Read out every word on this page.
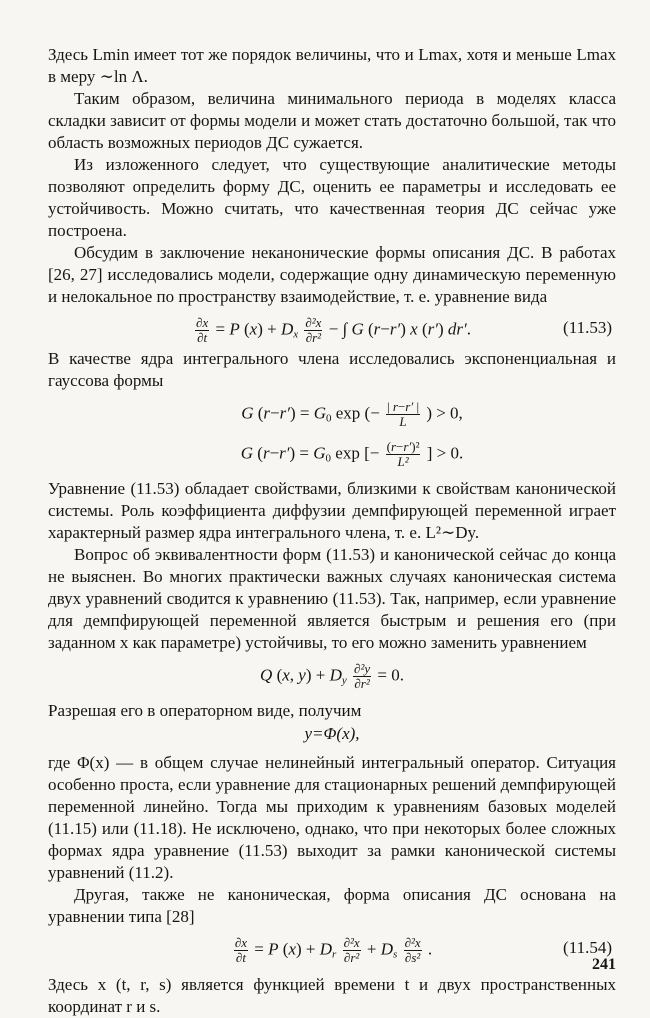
Здесь Lmin имеет тот же порядок величины, что и Lmax, хотя и меньше Lmax в меру ∼ln Λ.

Таким образом, величина минимального периода в моделях класса складки зависит от формы модели и может стать достаточно большой, так что область возможных периодов ДС сужается.

Из изложенного следует, что существующие аналитические методы позволяют определить форму ДС, оценить ее параметры и исследовать ее устойчивость. Можно считать, что качественная теория ДС сейчас уже построена.

Обсудим в заключение неканонические формы описания ДС. В работах [26, 27] исследовались модели, содержащие одну динамическую переменную и нелокальное по пространству взаимодействие, т. е. уравнение вида

$\frac{\partial x}{\partial t} = P$ $(x) + D_x \frac{\text{∂²x}}{\text{∂r²}}$ − ∫ G (r−r′) x (r′) dr′.	(11.53)

В качестве ядра интегрального члена исследовались экспоненциальная и гауссова формы

G $(r-r') = G_0$ exp (− $\frac{| r-r' |}{L}$ ) > 0,
G $(r-r') = G_0$ exp [− $\frac{\text{(r−r′)²}}{\text{L²}}$ ] > 0.

Уравнение (11.53) обладает свойствами, близкими к свойствам канонической системы. Роль коэффициента диффузии демпфирующей переменной играет характерный размер ядра интегрального члена, т. е. L²∼Dy.

Вопрос об эквивалентности форм (11.53) и канонической сейчас до конца не выяснен. Во многих практически важных случаях каноническая система двух уравнений сводится к уравнению (11.53). Так, например, если уравнение для демпфирующей переменной является быстрым и решения его (при заданном x как параметре) устойчивы, то его можно заменить уравнением

Q (x, $y) + D_y \frac{\text{∂²y}}{\text{∂r²}} = 0$.

Разрешая его в операторном виде, получим

y=Φ(x),

где Φ(x) — в общем случае нелинейный интегральный оператор. Ситуация особенно проста, если уравнение для стационарных решений демпфирующей переменной линейно. Тогда мы приходим к уравнениям базовых моделей (11.15) или (11.18). Не исключено, однако, что при некоторых более сложных формах ядра уравнение (11.53) выходит за рамки канонической системы уравнений (11.2).

Другая, также не каноническая, форма описания ДС основана на уравнении типа [28]

$\frac{\partial x}{\partial t} = P$ $(x) + D_r \frac{\text{∂²x}}{\text{∂r²}} + D_s \frac{\text{∂²x}}{\text{∂s²}}$ .	(11.54)

Здесь x (t, r, s) является функцией времени t и двух пространственных координат r и s.

241
